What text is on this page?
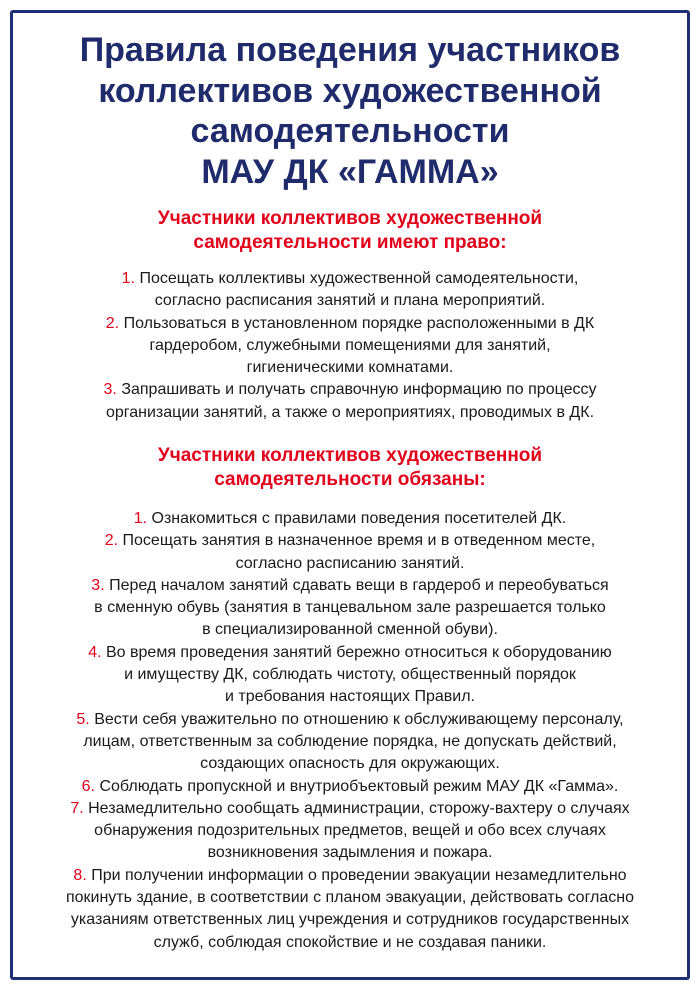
Правила поведения участников
коллективов художественной
самодеятельности
МАУ ДК «ГАММА»
Участники коллективов художественной
самодеятельности имеют право:
1. Посещать коллективы художественной самодеятельности,
согласно расписания занятий и плана мероприятий.
2. Пользоваться в установленном порядке расположенными в ДК
гардеробом, служебными помещениями для занятий,
гигиеническими комнатами.
3. Запрашивать и получать справочную информацию по процессу
организации занятий, а также о мероприятиях, проводимых в ДК.
Участники коллективов художественной
самодеятельности обязаны:
1. Ознакомиться с правилами поведения посетителей ДК.
2. Посещать занятия в назначенное время и в отведенном месте,
согласно расписанию занятий.
3. Перед началом занятий сдавать вещи в гардероб и переобуваться
в сменную обувь (занятия в танцевальном зале разрешается только
в специализированной сменной обуви).
4. Во время проведения занятий бережно относиться к оборудованию
и имуществу ДК, соблюдать чистоту, общественный порядок
и требования настоящих Правил.
5. Вести себя уважительно по отношению к обслуживающему персоналу,
лицам, ответственным за соблюдение порядка, не допускать действий,
создающих опасность для окружающих.
6. Соблюдать пропускной и внутриобъектовый режим МАУ ДК «Гамма».
7. Незамедлительно сообщать администрации, сторожу-вахтеру о случаях
обнаружения подозрительных предметов, вещей и обо всех случаях
возникновения задымления и пожара.
8. При получении информации о проведении эвакуации незамедлительно
покинуть здание, в соответствии с планом эвакуации, действовать согласно
указаниям ответственных лиц учреждения и сотрудников государственных
служб, соблюдая спокойствие и не создавая паники.
